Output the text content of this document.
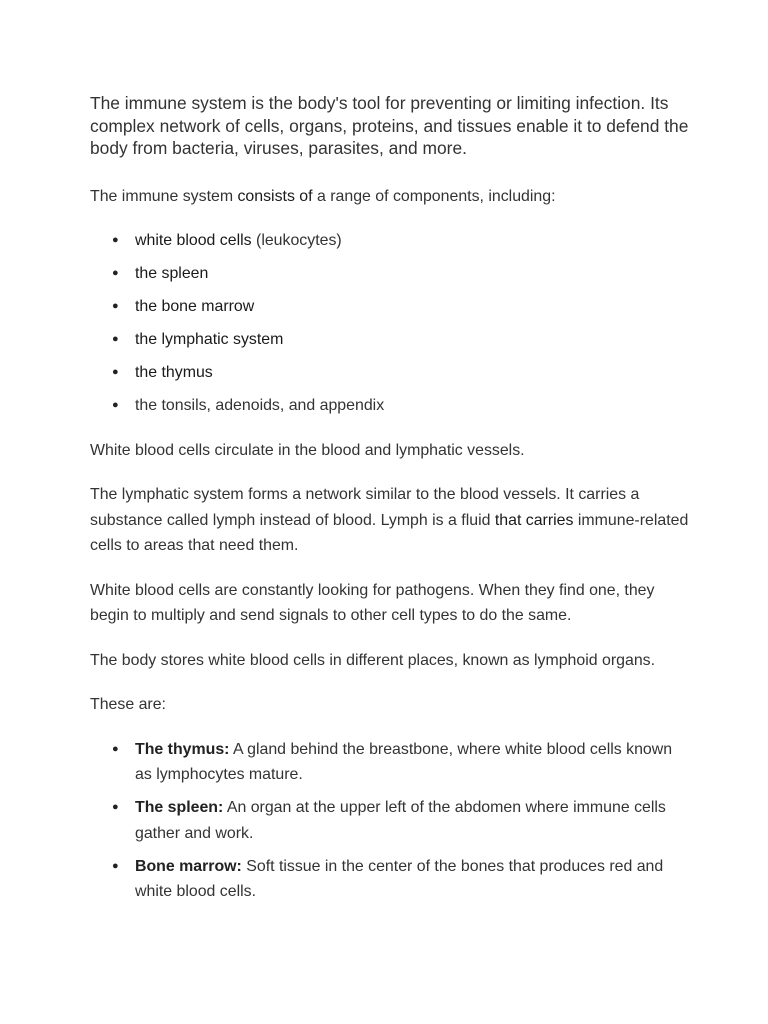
The immune system is the body's tool for preventing or limiting infection. Its complex network of cells, organs, proteins, and tissues enable it to defend the body from bacteria, viruses, parasites, and more.

The immune system consists of a range of components, including:

● white blood cells (leukocytes)
● the spleen
● the bone marrow
● the lymphatic system
● the thymus
● the tonsils, adenoids, and appendix

White blood cells circulate in the blood and lymphatic vessels.

The lymphatic system forms a network similar to the blood vessels. It carries a substance called lymph instead of blood. Lymph is a fluid that carries immune-related cells to areas that need them.

White blood cells are constantly looking for pathogens. When they find one, they begin to multiply and send signals to other cell types to do the same.

The body stores white blood cells in different places, known as lymphoid organs.

These are:

● The thymus: A gland behind the breastbone, where white blood cells known as lymphocytes mature.
● The spleen: An organ at the upper left of the abdomen where immune cells gather and work.
● Bone marrow: Soft tissue in the center of the bones that produces red and white blood cells.
